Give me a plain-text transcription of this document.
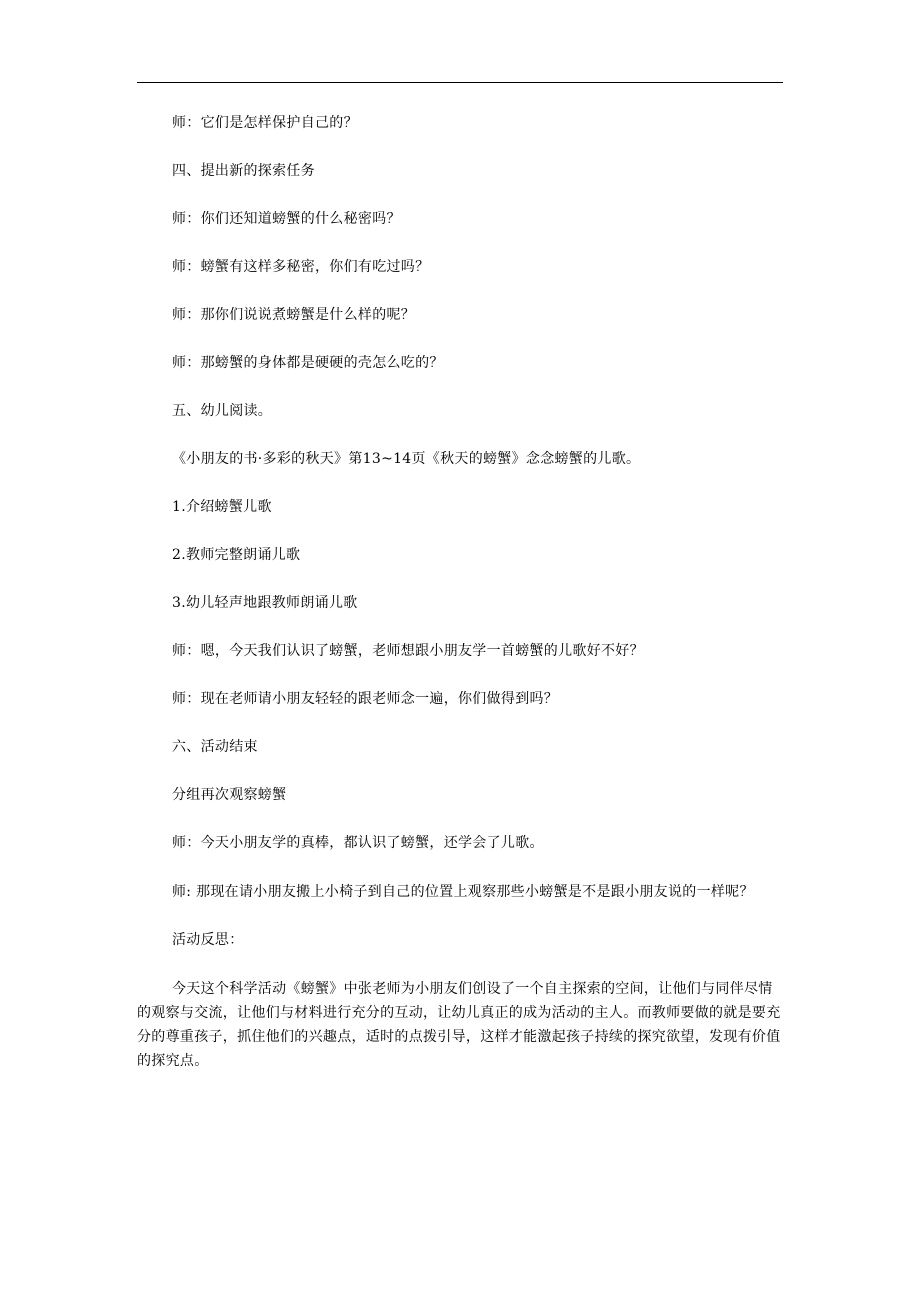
师：它们是怎样保护自己的？

四、提出新的探索任务

师：你们还知道螃蟹的什么秘密吗？

师：螃蟹有这样多秘密，你们有吃过吗？

师：那你们说说煮螃蟹是什么样的呢？

师：那螃蟹的身体都是硬硬的壳怎么吃的？

五、幼儿阅读。

《小朋友的书·多彩的秋天》第13~14页《秋天的螃蟹》念念螃蟹的儿歌。

1.介绍螃蟹儿歌

2.教师完整朗诵儿歌

3.幼儿轻声地跟教师朗诵儿歌

师：嗯，今天我们认识了螃蟹，老师想跟小朋友学一首螃蟹的儿歌好不好？

师：现在老师请小朋友轻轻的跟老师念一遍，你们做得到吗？

六、活动结束

分组再次观察螃蟹

师：今天小朋友学的真棒，都认识了螃蟹，还学会了儿歌。

师: 那现在请小朋友搬上小椅子到自己的位置上观察那些小螃蟹是不是跟小朋友说的一样呢？

活动反思：

今天这个科学活动《螃蟹》中张老师为小朋友们创设了一个自主探索的空间，让他们与同伴尽情的观察与交流，让他们与材料进行充分的互动，让幼儿真正的成为活动的主人。而教师要做的就是要充分的尊重孩子，抓住他们的兴趣点，适时的点拨引导，这样才能激起孩子持续的探究欲望，发现有价值的探究点。
